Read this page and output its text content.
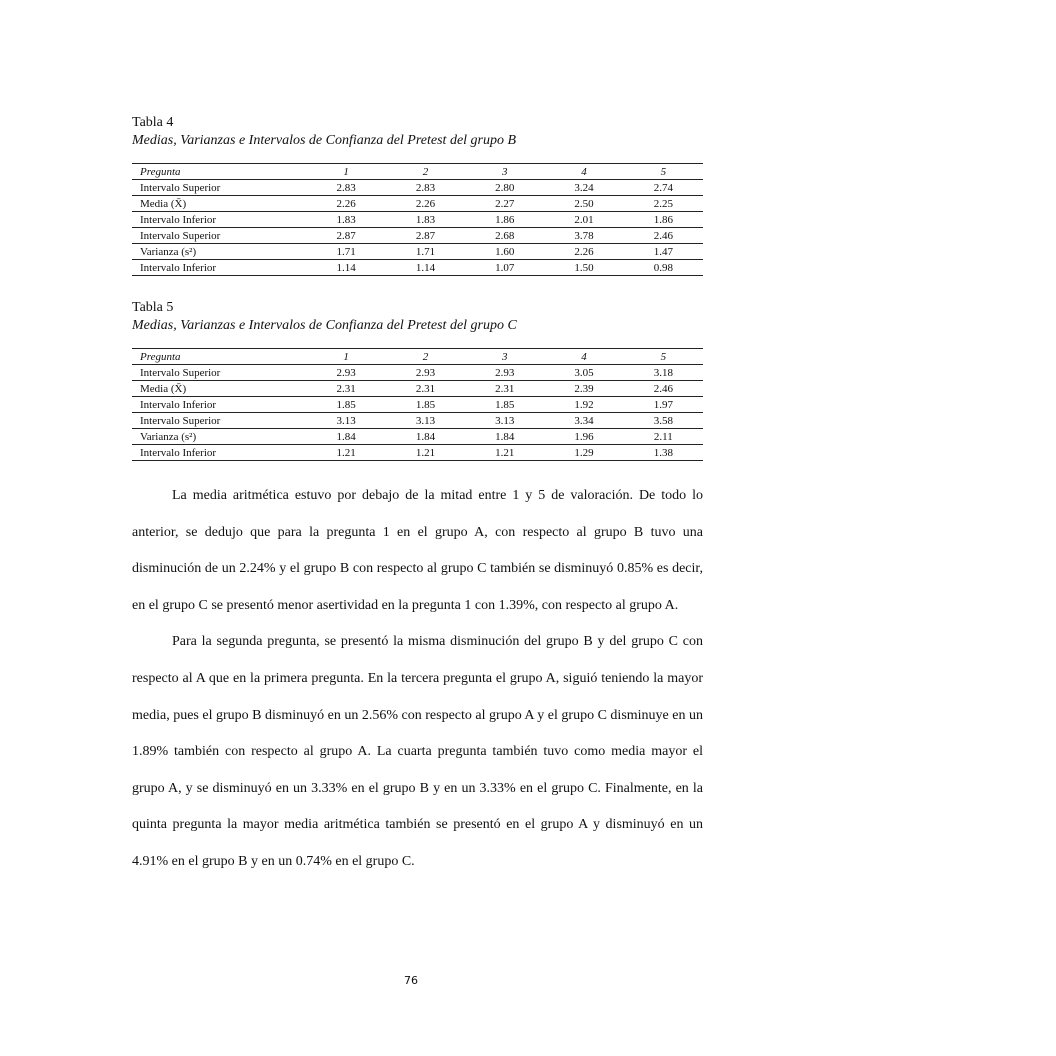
Tabla 4

Medias, Varianzas e Intervalos de Confianza del Pretest del grupo B

Pregunta	1	2	3	4	5
Intervalo Superior	2.83	2.83	2.80	3.24	2.74
Media (X̄)	2.26	2.26	2.27	2.50	2.25
Intervalo Inferior	1.83	1.83	1.86	2.01	1.86
Intervalo Superior	2.87	2.87	2.68	3.78	2.46
Varianza (s²)	1.71	1.71	1.60	2.26	1.47
Intervalo Inferior	1.14	1.14	1.07	1.50	0.98

Tabla 5

Medias, Varianzas e Intervalos de Confianza del Pretest del grupo C

Pregunta	1	2	3	4	5
Intervalo Superior	2.93	2.93	2.93	3.05	3.18
Media (X̄)	2.31	2.31	2.31	2.39	2.46
Intervalo Inferior	1.85	1.85	1.85	1.92	1.97
Intervalo Superior	3.13	3.13	3.13	3.34	3.58
Varianza (s²)	1.84	1.84	1.84	1.96	2.11
Intervalo Inferior	1.21	1.21	1.21	1.29	1.38

La media aritmética estuvo por debajo de la mitad entre 1 y 5 de valoración. De todo lo anterior, se dedujo que para la pregunta 1 en el grupo A, con respecto al grupo B tuvo una disminución de un 2.24% y el grupo B con respecto al grupo C también se disminuyó 0.85% es decir, en el grupo C se presentó menor asertividad en la pregunta 1 con 1.39%, con respecto al grupo A.

Para la segunda pregunta, se presentó la misma disminución del grupo B y del grupo C con respecto al A que en la primera pregunta. En la tercera pregunta el grupo A, siguió teniendo la mayor media, pues el grupo B disminuyó en un 2.56% con respecto al grupo A y el grupo C disminuye en un 1.89% también con respecto al grupo A. La cuarta pregunta también tuvo como media mayor el grupo A, y se disminuyó en un 3.33% en el grupo B y en un 3.33% en el grupo C. Finalmente, en la quinta pregunta la mayor media aritmética también se presentó en el grupo A y disminuyó en un 4.91% en el grupo B y en un 0.74% en el grupo C.

76
